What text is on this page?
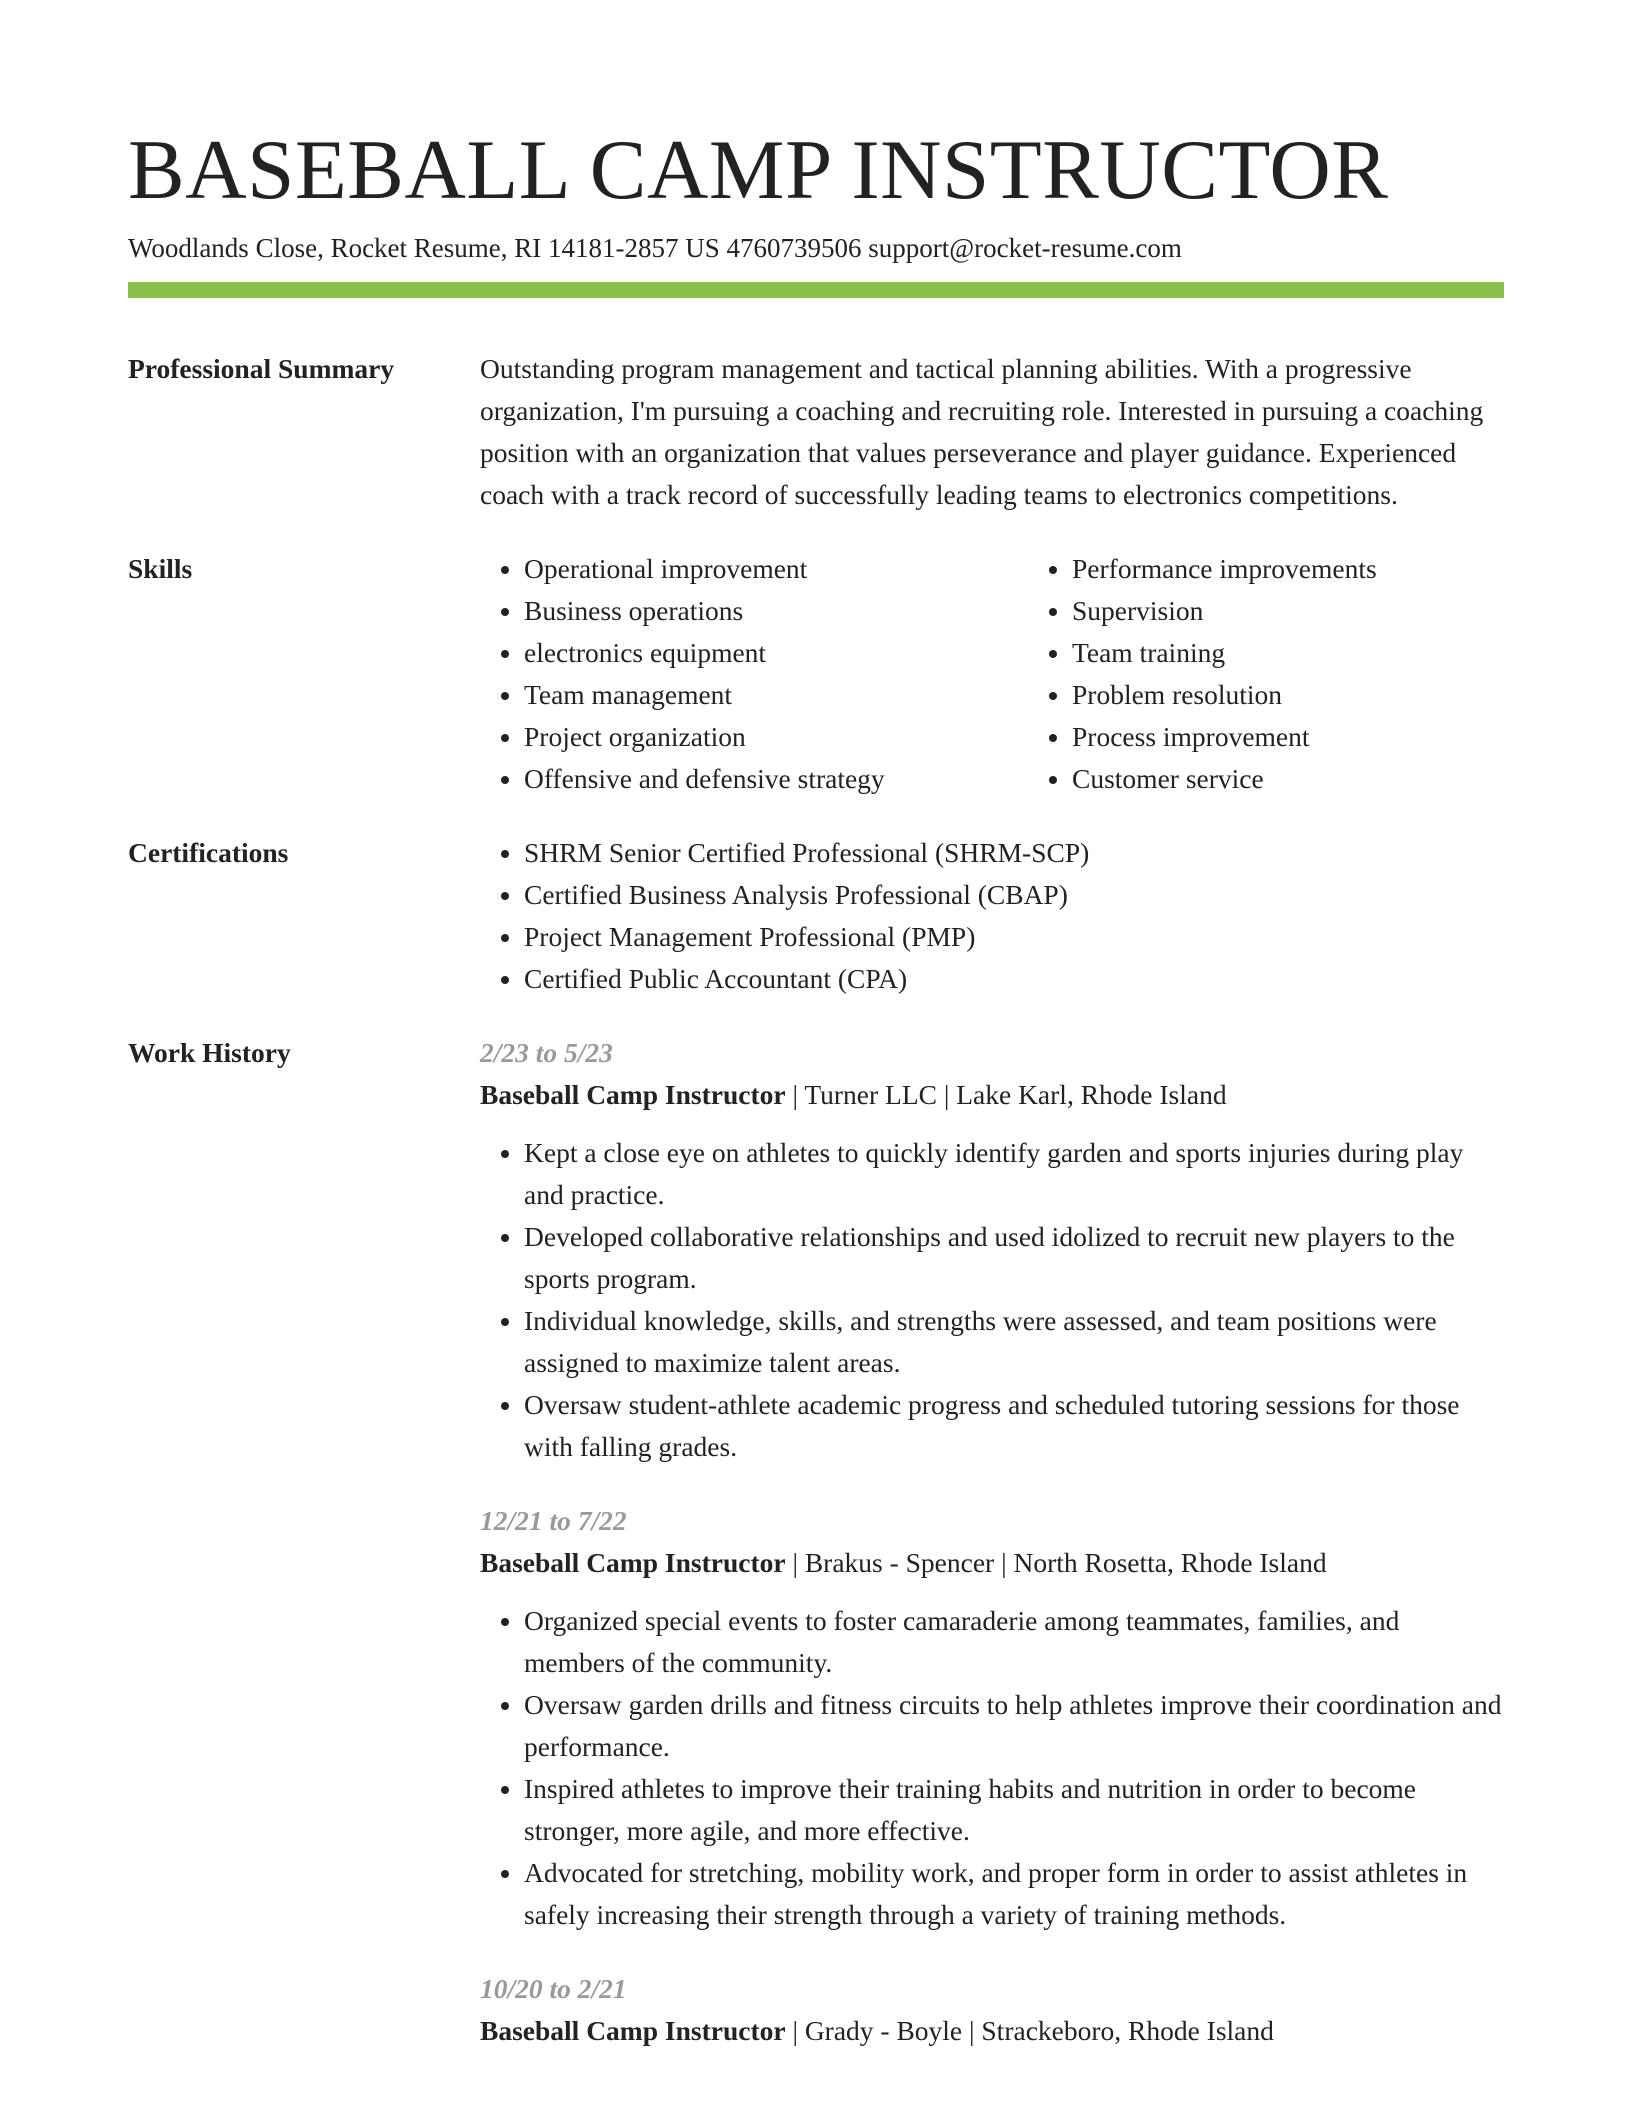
BASEBALL CAMP INSTRUCTOR
Woodlands Close, Rocket Resume, RI 14181-2857 US 4760739506 support@rocket-resume.com
Professional Summary	Outstanding program management and tactical planning abilities. With a progressive organization, I'm pursuing a coaching and recruiting role. Interested in pursuing a coaching position with an organization that values perseverance and player guidance. Experienced coach with a track record of successfully leading teams to electronics competitions.
Skills	• Operational improvement
• Business operations
• electronics equipment
• Team management
• Project organization
• Offensive and defensive strategy
• Performance improvements
• Supervision
• Team training
• Problem resolution
• Process improvement
• Customer service
Certifications	• SHRM Senior Certified Professional (SHRM-SCP)
• Certified Business Analysis Professional (CBAP)
• Project Management Professional (PMP)
• Certified Public Accountant (CPA)
Work History	2/23 to 5/23
Baseball Camp Instructor | Turner LLC | Lake Karl, Rhode Island
• Kept a close eye on athletes to quickly identify garden and sports injuries during play and practice.
• Developed collaborative relationships and used idolized to recruit new players to the sports program.
• Individual knowledge, skills, and strengths were assessed, and team positions were assigned to maximize talent areas.
• Oversaw student-athlete academic progress and scheduled tutoring sessions for those with falling grades.
12/21 to 7/22
Baseball Camp Instructor | Brakus - Spencer | North Rosetta, Rhode Island
• Organized special events to foster camaraderie among teammates, families, and members of the community.
• Oversaw garden drills and fitness circuits to help athletes improve their coordination and performance.
• Inspired athletes to improve their training habits and nutrition in order to become stronger, more agile, and more effective.
• Advocated for stretching, mobility work, and proper form in order to assist athletes in safely increasing their strength through a variety of training methods.
10/20 to 2/21
Baseball Camp Instructor | Grady - Boyle | Strackeboro, Rhode Island
